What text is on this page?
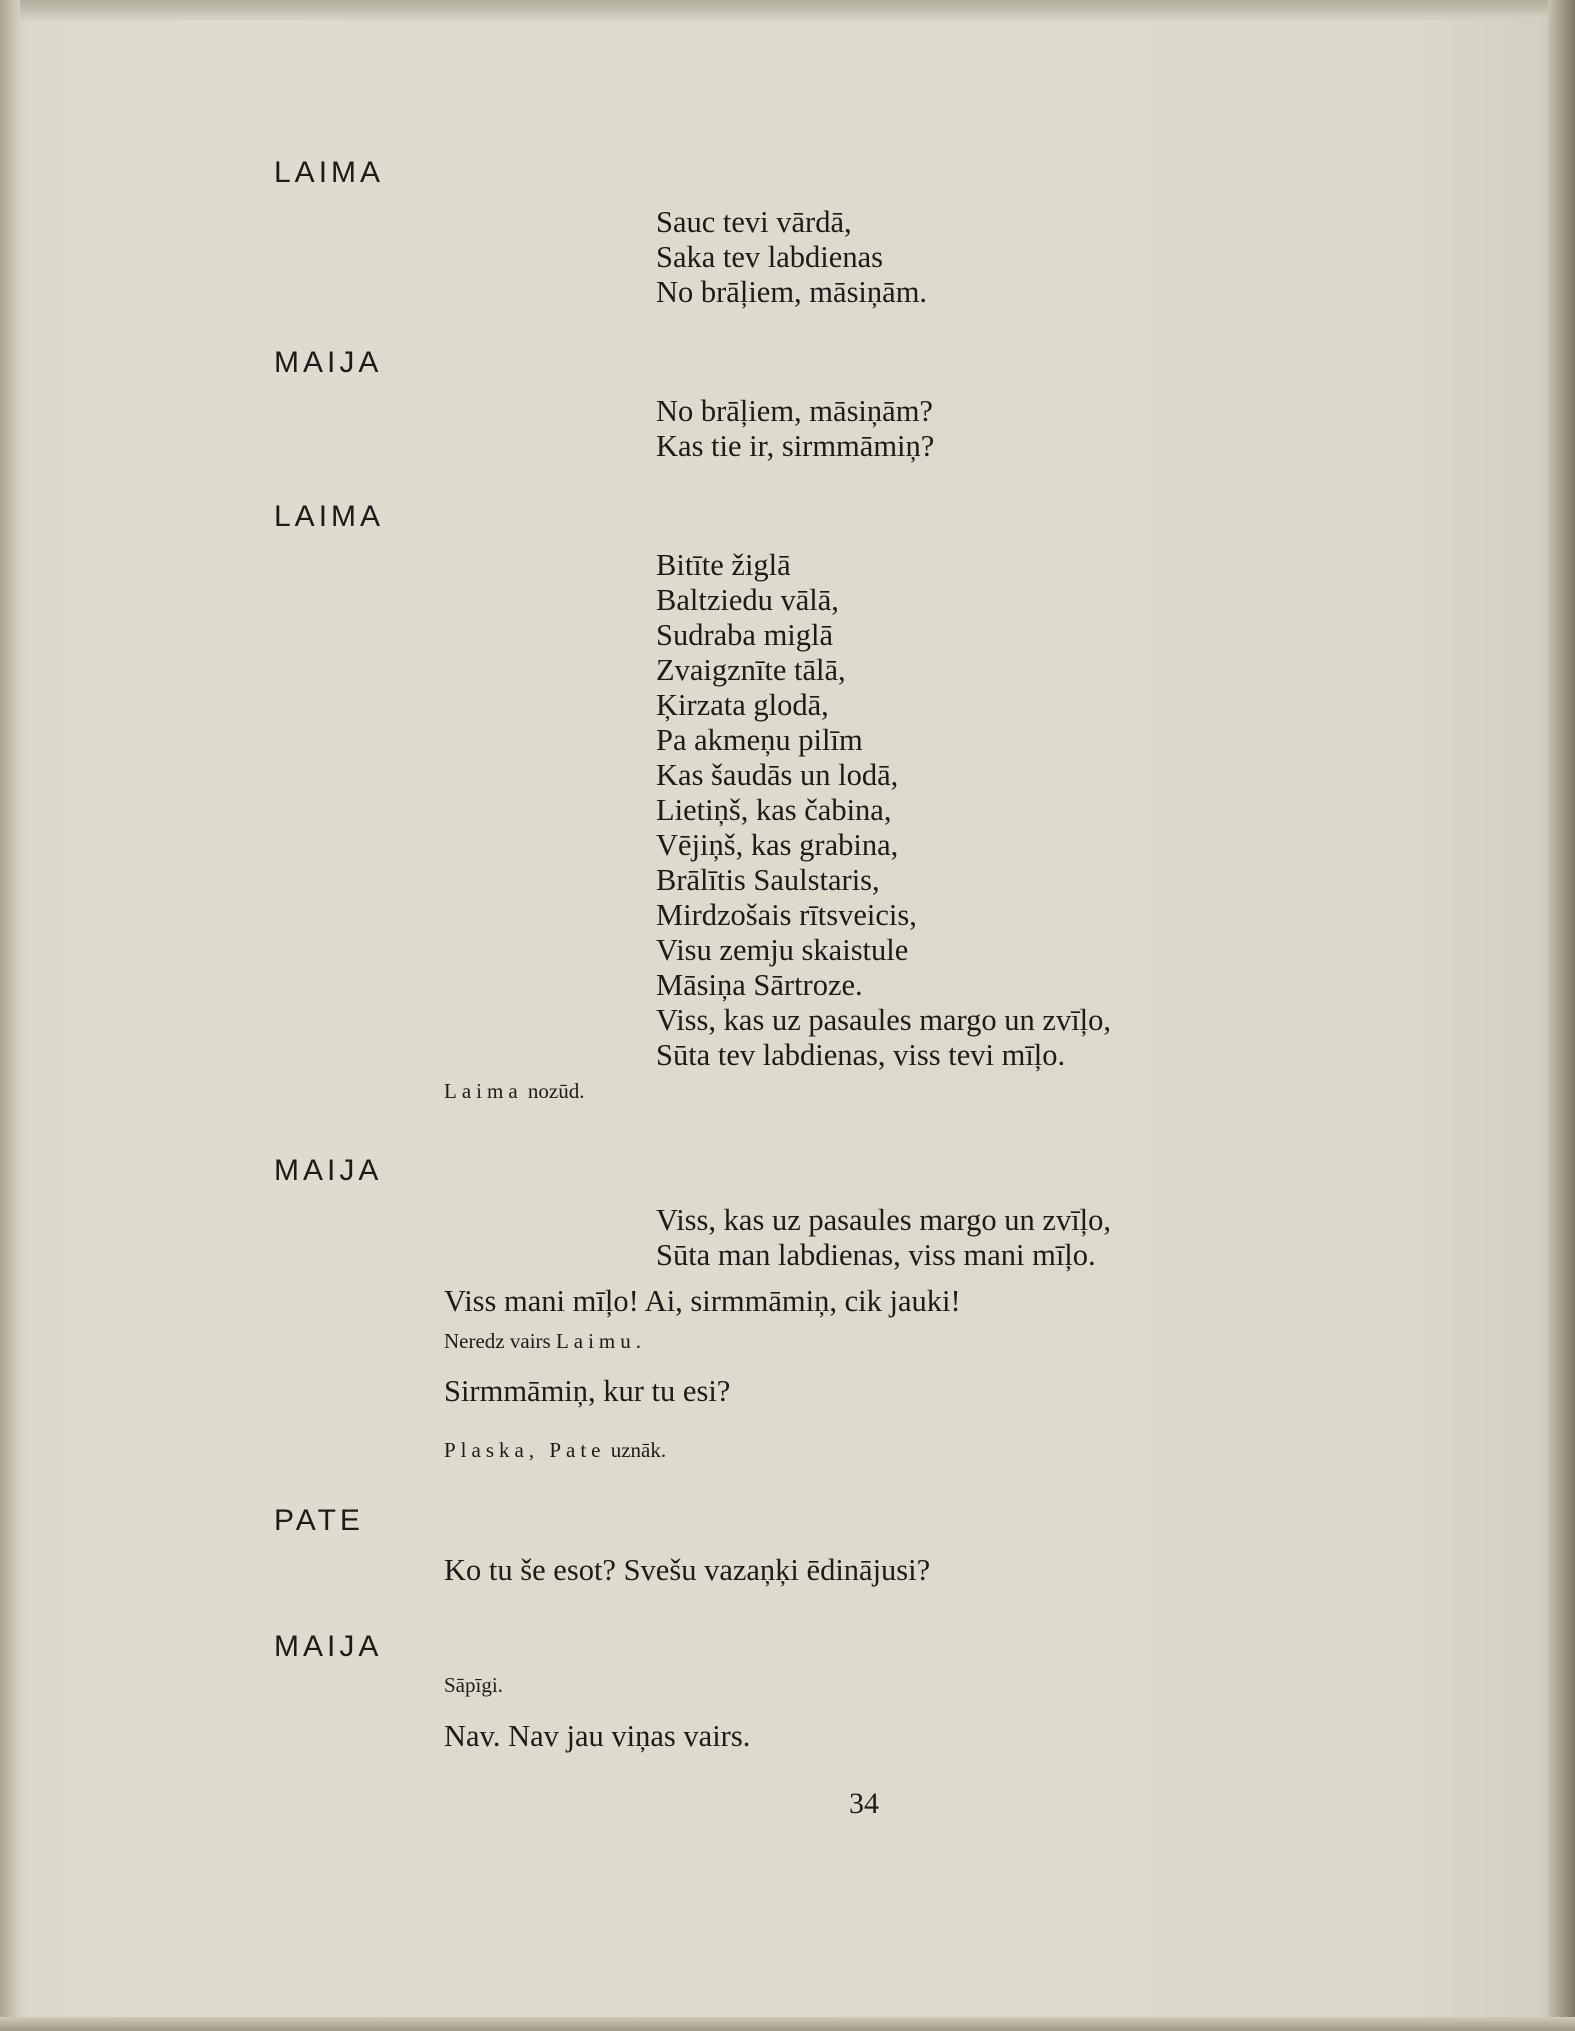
LAIMA
Sauc tevi vārdā,
Saka tev labdienas
No brāļiem, māsiņām.
MAIJA
No brāļiem, māsiņām?
Kas tie ir, sirmmāmiņ?
LAIMA
Bitīte žiglā
Baltziedu vālā,
Sudraba miglā
Zvaigznīte tālā,
Ķirzata glodā,
Pa akmeņu pilīm
Kas šaudās un lodā,
Lietiņš, kas čabina,
Vējiņš, kas grabina,
Brālītis Saulstaris,
Mirdzošais rītsveicis,
Visu zemju skaistule
Māsiņa Sārtroze.
Viss, kas uz pasaules margo un zvīļo,
Sūta tev labdienas, viss tevi mīļo.
Laima nozūd.
MAIJA
Viss, kas uz pasaules margo un zvīļo,
Sūta man labdienas, viss mani mīļo.
Viss mani mīļo! Ai, sirmmāmiņ, cik jauki!
Neredz vairs Laimu.
Sirmmāmiņ, kur tu esi?
Plaska, Pate uznāk.
PATE
Ko tu še esot? Svešu vazaņķi ēdinājusi?
MAIJA
Sāpīgi.
Nav. Nav jau viņas vairs.
34
